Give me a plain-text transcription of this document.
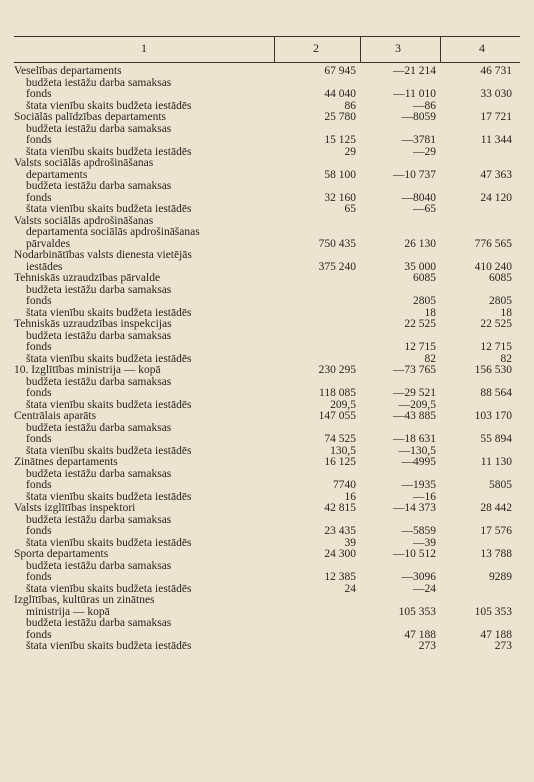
1	2	3	4
Veselības departaments	67 945	—21 214	46 731
budžeta iestāžu darba samaksas			
fonds	44 040	—11 010	33 030
štata vienību skaits budžeta iestādēs	86	—86	
Sociālās palīdzības departaments	25 780	—8059	17 721
budžeta iestāžu darba samaksas			
fonds	15 125	—3781	11 344
štata vienību skaits budžeta iestādēs	29	—29	
Valsts sociālās apdrošināšanas			
departaments	58 100	—10 737	47 363
budžeta iestāžu darba samaksas			
fonds	32 160	—8040	24 120
štata vienību skaits budžeta iestādēs	65	—65	
Valsts sociālās apdrošināšanas			
departamenta sociālās apdrošināšanas			
pārvaldes	750 435	26 130	776 565
Nodarbinātības valsts dienesta vietējās			
iestādes	375 240	35 000	410 240
Tehniskās uzraudzības pārvalde		6085	6085
budžeta iestāžu darba samaksas			
fonds		2805	2805
štata vienību skaits budžeta iestādēs		18	18
Tehniskās uzraudzības inspekcijas		22 525	22 525
budžeta iestāžu darba samaksas			
fonds		12 715	12 715
štata vienību skaits budžeta iestādēs		82	82
10. Izglītības ministrija — kopā	230 295	—73 765	156 530
budžeta iestāžu darba samaksas			
fonds	118 085	—29 521	88 564
štata vienību skaits budžeta iestādēs	209,5	—209,5	
Centrālais aparāts	147 055	—43 885	103 170
budžeta iestāžu darba samaksas			
fonds	74 525	—18 631	55 894
štata vienību skaits budžeta iestādēs	130,5	—130,5	
Zinātnes departaments	16 125	—4995	11 130
budžeta iestāžu darba samaksas			
fonds	7740	—1935	5805
štata vienību skaits budžeta iestādēs	16	—16	
Valsts izglītības inspektori	42 815	—14 373	28 442
budžeta iestāžu darba samaksas			
fonds	23 435	—5859	17 576
štata vienību skaits budžeta iestādēs	39	—39	
Sporta departaments	24 300	—10 512	13 788
budžeta iestāžu darba samaksas			
fonds	12 385	—3096	9289
štata vienību skaits budžeta iestādēs	24	—24	
Izglītības, kultūras un zinātnes			
ministrija — kopā		105 353	105 353
budžeta iestāžu darba samaksas			
fonds		47 188	47 188
štata vienību skaits budžeta iestādēs		273	273
